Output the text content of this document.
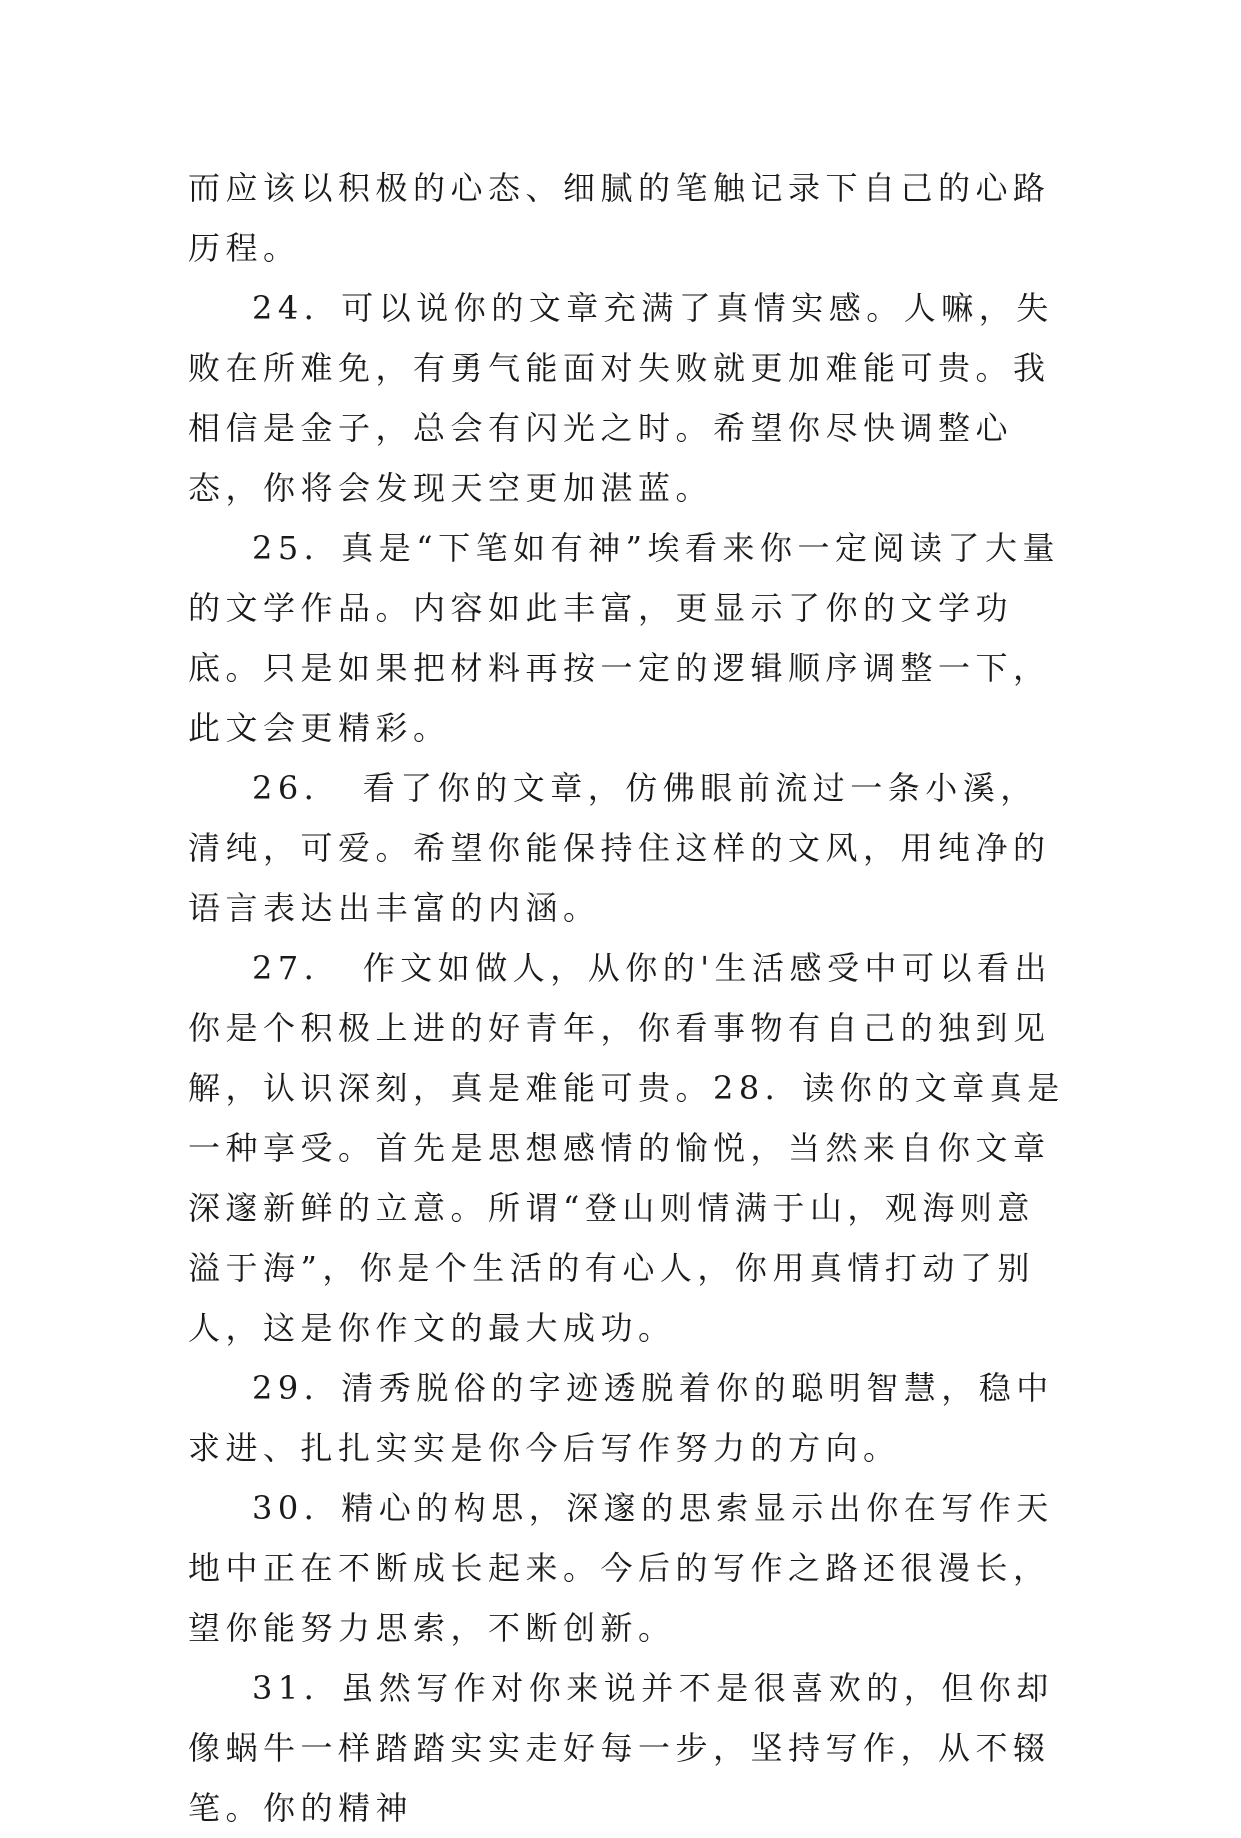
而应该以积极的心态、细腻的笔触记录下自己的心路历程。

24．可以说你的文章充满了真情实感。人嘛，失败在所难免，有勇气能面对失败就更加难能可贵。我相信是金子，总会有闪光之时。希望你尽快调整心态，你将会发现天空更加湛蓝。

25．真是“下笔如有神”埃看来你一定阅读了大量的文学作品。内容如此丰富，更显示了你的文学功底。只是如果把材料再按一定的逻辑顺序调整一下，此文会更精彩。

26．　看了你的文章，仿佛眼前流过一条小溪，清纯，可爱。希望你能保持住这样的文风，用纯净的语言表达出丰富的内涵。

27．　作文如做人，从你的'生活感受中可以看出你是个积极上进的好青年，你看事物有自己的独到见解，认识深刻，真是难能可贵。28．读你的文章真是一种享受。首先是思想感情的愉悦，当然来自你文章深邃新鲜的立意。所谓“登山则情满于山，观海则意溢于海”，你是个生活的有心人，你用真情打动了别人，这是你作文的最大成功。

29．清秀脱俗的字迹透脱着你的聪明智慧，稳中求进、扎扎实实是你今后写作努力的方向。

30．精心的构思，深邃的思索显示出你在写作天地中正在不断成长起来。今后的写作之路还很漫长，望你能努力思索，不断创新。

31．虽然写作对你来说并不是很喜欢的，但你却像蜗牛一样踏踏实实走好每一步，坚持写作，从不辍笔。你的精神
